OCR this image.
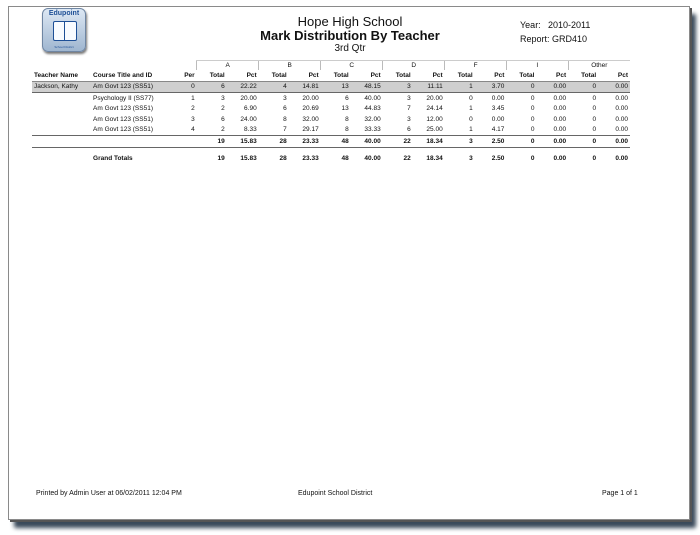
Edupoint
School District
Hope High School
Mark Distribution By Teacher
3rd Qtr
Year: 2010-2011
Report: GRD410
			A		B		C		D		F		I		Other	
Teacher Name	Course Title and ID	Per	Total	Pct	Total	Pct	Total	Pct	Total	Pct	Total	Pct	Total	Pct	Total	Pct
Jackson, Kathy	Am Govt 123 (SS51)	0	6	22.22	4	14.81	13	48.15	3	11.11	1	3.70	0	0.00	0	0.00
	Psychology II (SS77)	1	3	20.00	3	20.00	6	40.00	3	20.00	0	0.00	0	0.00	0	0.00
	Am Govt 123 (SS51)	2	2	6.90	6	20.69	13	44.83	7	24.14	1	3.45	0	0.00	0	0.00
	Am Govt 123 (SS51)	3	6	24.00	8	32.00	8	32.00	3	12.00	0	0.00	0	0.00	0	0.00
	Am Govt 123 (SS51)	4	2	8.33	7	29.17	8	33.33	6	25.00	1	4.17	0	0.00	0	0.00
			19	15.83	28	23.33	48	40.00	22	18.34	3	2.50	0	0.00	0	0.00

	Grand Totals		19	15.83	28	23.33	48	40.00	22	18.34	3	2.50	0	0.00	0	0.00
Printed by Admin User at 06/02/2011 12:04 PM	Edupoint School District	Page 1 of 1
